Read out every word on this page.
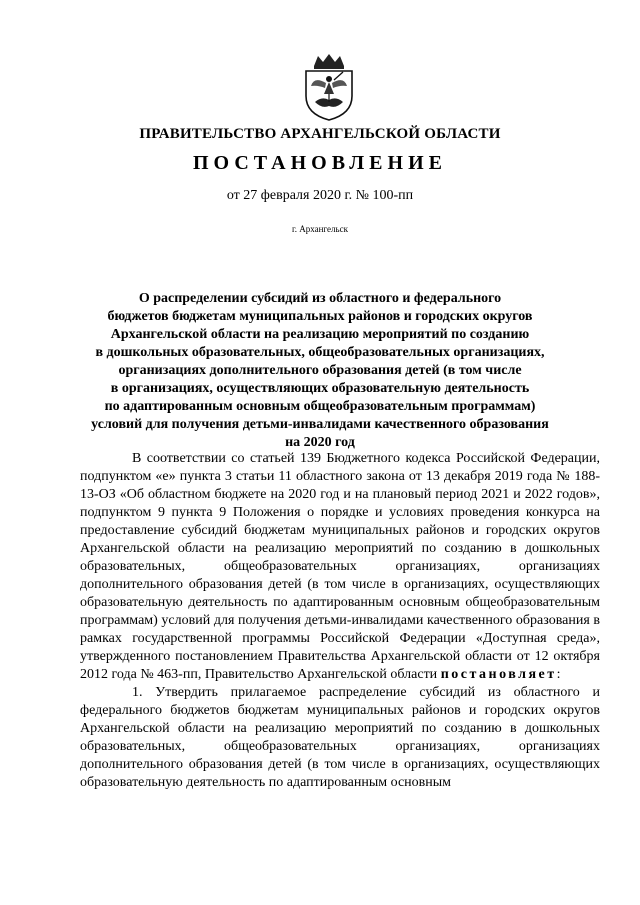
ПРАВИТЕЛЬСТВО АРХАНГЕЛЬСКОЙ ОБЛАСТИ
ПОСТАНОВЛЕНИЕ
от 27 февраля 2020 г. № 100-пп
г. Архангельск
О распределении субсидий из областного и федерального
бюджетов бюджетам муниципальных районов и городских округов
Архангельской области на реализацию мероприятий по созданию
в дошкольных образовательных, общеобразовательных организациях,
организациях дополнительного образования детей (в том числе
в организациях, осуществляющих образовательную деятельность
по адаптированным основным общеобразовательным программам)
условий для получения детьми-инвалидами качественного образования
на 2020 год

В соответствии со статьей 139 Бюджетного кодекса Российской Федерации, подпунктом «е» пункта 3 статьи 11 областного закона от 13 декабря 2019 года № 188-13-ОЗ «Об областном бюджете на 2020 год и на плановый период 2021 и 2022 годов», подпунктом 9 пункта 9 Положения о порядке и условиях проведения конкурса на предоставление субсидий бюджетам муниципальных районов и городских округов Архангельской области на реализацию мероприятий по созданию в дошкольных образовательных, общеобразовательных организациях, организациях дополнительного образования детей (в том числе в организациях, осуществляющих образовательную деятельность по адаптированным основным общеобразовательным программам) условий для получения детьми-инвалидами качественного образования в рамках государственной программы Российской Федерации «Доступная среда», утвержденного постановлением Правительства Архангельской области от 12 октября 2012 года № 463-пп, Правительство Архангельской области постановляет:

1. Утвердить прилагаемое распределение субсидий из областного и федерального бюджетов бюджетам муниципальных районов и городских округов Архангельской области на реализацию мероприятий по созданию в дошкольных образовательных, общеобразовательных организациях, организациях дополнительного образования детей (в том числе в организациях, осуществляющих образовательную деятельность по адаптированным основным
